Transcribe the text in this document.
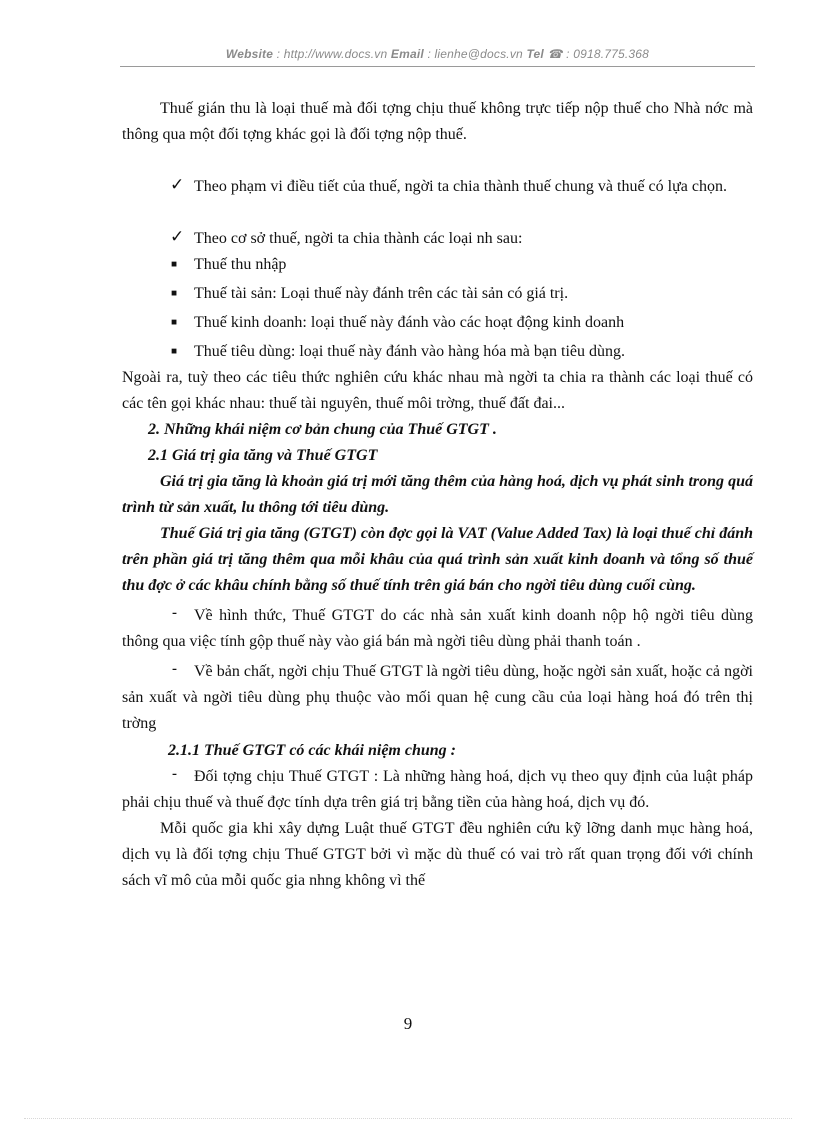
Website : http://www.docs.vn Email : lienhe@docs.vn Tel ☎ : 0918.775.368

Thuế gián thu là loại thuế mà đối tợng chịu thuế không trực tiếp nộp thuế cho Nhà nớc mà thông qua một đối tợng khác gọi là đối tợng nộp thuế.

✓ Theo phạm vi điều tiết của thuế, ngời ta chia thành thuế chung và thuế có lựa chọn.

✓ Theo cơ sở thuế, ngời ta chia thành các loại nh sau:
■ Thuế thu nhập
■ Thuế tài sản: Loại thuế này đánh trên các tài sản có giá trị.
■ Thuế kinh doanh: loại thuế này đánh vào các hoạt động kinh doanh
■ Thuế tiêu dùng: loại thuế này đánh vào hàng hóa mà bạn tiêu dùng.

Ngoài ra, tuỳ theo các tiêu thức nghiên cứu khác nhau mà ngời ta chia ra thành các loại thuế có các tên gọi khác nhau: thuế tài nguyên, thuế môi trờng, thuế đất đai...

2. Những khái niệm cơ bản chung của Thuế GTGT .

2.1 Giá trị gia tăng và Thuế GTGT

Giá trị gia tăng là khoản giá trị mới tăng thêm của hàng hoá, dịch vụ phát sinh trong quá trình từ sản xuất, lu thông tới tiêu dùng.

Thuế Giá trị gia tăng (GTGT) còn đợc gọi là VAT (Value Added Tax) là loại thuế chỉ đánh trên phần giá trị tăng thêm qua mỗi khâu của quá trình sản xuất kinh doanh và tổng số thuế thu đợc ở các khâu chính bằng số thuế tính trên giá bán cho ngời tiêu dùng cuối cùng.

- Về hình thức, Thuế GTGT do các nhà sản xuất kinh doanh nộp hộ ngời tiêu dùng thông qua việc tính gộp thuế này vào giá bán mà ngời tiêu dùng phải thanh toán .

- Về bản chất, ngời chịu Thuế GTGT là ngời tiêu dùng, hoặc ngời sản xuất, hoặc cả ngời sản xuất và ngời tiêu dùng phụ thuộc vào mối quan hệ cung cầu của loại hàng hoá đó trên thị trờng

2.1.1 Thuế GTGT có các khái niệm chung :

- Đối tợng chịu Thuế GTGT : Là những hàng hoá, dịch vụ theo quy định của luật pháp phải chịu thuế và thuế đợc tính dựa trên giá trị bằng tiền của hàng hoá, dịch vụ đó.

Mỗi quốc gia khi xây dựng Luật thuế GTGT đều nghiên cứu kỹ lỡng danh mục hàng hoá, dịch vụ là đối tợng chịu Thuế GTGT bởi vì mặc dù thuế có vai trò rất quan trọng đối với chính sách vĩ mô của mỗi quốc gia nhng không vì thế

9
